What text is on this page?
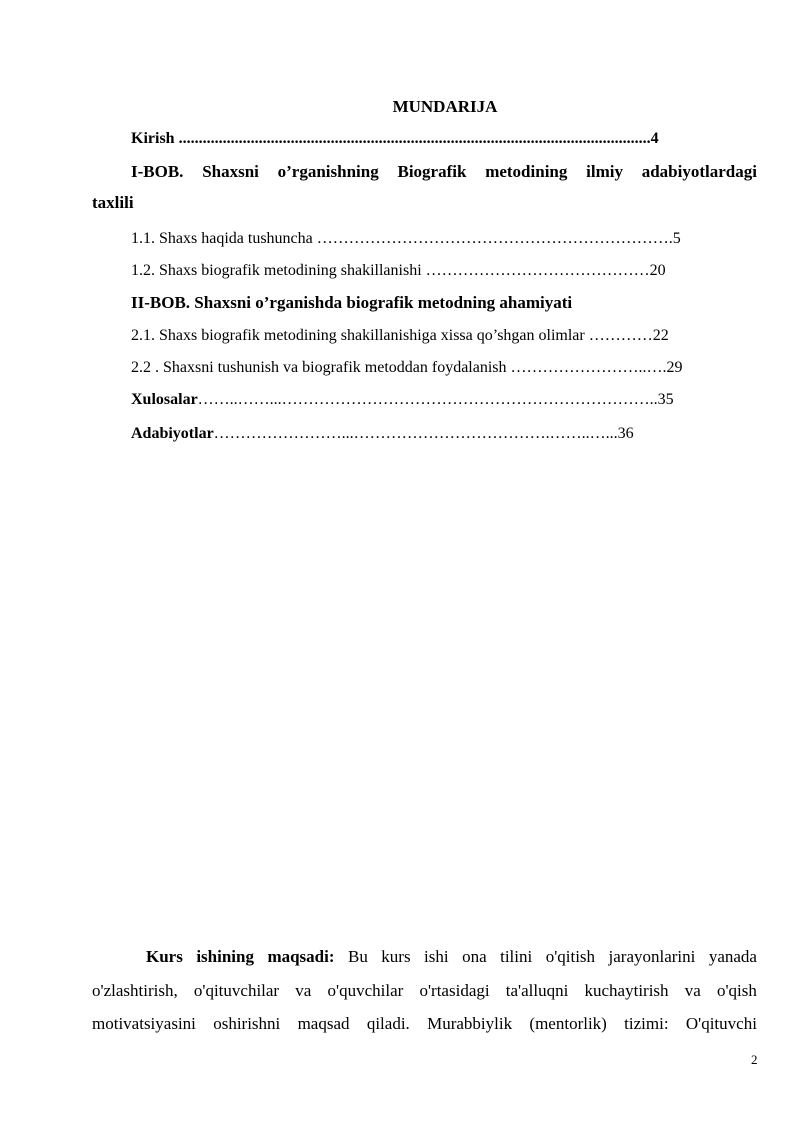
MUNDARIJA
Kirish ......................................................................................................................4
I-BOB. Shaxsni o’rganishning Biografik metodining ilmiy adabiyotlardagi
taxlili
1.1. Shaxs haqida tushuncha ………………………………………………………….5
1.2. Shaxs biografik metodining shakillanishi ……………………………………20
II-BOB. Shaxsni o’rganishda biografik metodning ahamiyati
2.1. Shaxs biografik metodining shakillanishiga xissa qo’shgan olimlar …………22
2.2 . Shaxsni tushunish va biografik metoddan foydalanish ……………………..….29
Xulosalar……..……...……………………………………………………………..35
Adabiyotlar……………………...……………………………….……..…...36
Kurs ishining maqsadi: Bu kurs ishi ona tilini o'qitish jarayonlarini yanada
o'zlashtirish, o'qituvchilar va o'quvchilar o'rtasidagi ta'alluqni kuchaytirish va o'qish
motivatsiyasini oshirishni maqsad qiladi. Murabbiylik (mentorlik) tizimi: O'qituvchi
2
